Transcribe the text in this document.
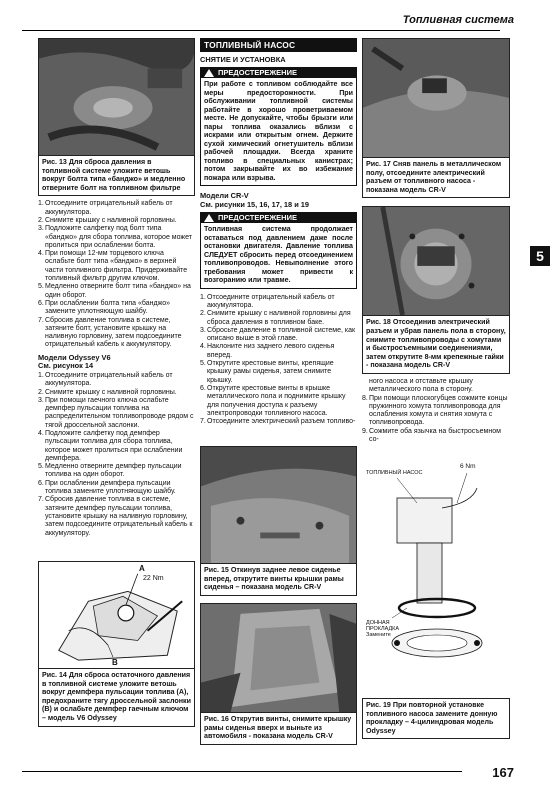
Топливная система
5
Рис. 13 Для сброса давления в топливной системе уложите ветошь вокруг болта типа «банджо» и медленно отверните болт на топливном фильтре
1. Отсоедините отрицательный кабель от аккумулятора.
2. Снимите крышку с наливной горловины.
3. Подложите салфетку под болт типа «банджо» для сбора топлива, которое может пролиться при ослаблении болта.
4. При помощи 12-мм торцевого ключа ослабьте болт типа «банджо» в верхней части топливного фильтра. Придерживайте топливный фильтр другим ключом.
5. Медленно отверните болт типа «банджо» на один оборот.
6. При ослаблении болта типа «банджо» замените уплотняющую шайбу.
7. Сбросив давление топлива в системе, затяните болт, установите крышку на наливную горловину, затем подсоедините отрицательный кабель к аккумулятору.
Модели Odyssey V6
См. рисунок 14
1. Отсоедините отрицательный кабель от аккумулятора.
2. Снимите крышку с наливной горловины.
3. При помощи гаечного ключа ослабьте демпфер пульсации топлива на распределительном топливопроводе рядом с тягой дроссельной заслонки.
4. Подложите салфетку под демпфер пульсации топлива для сбора топлива, которое может пролиться при ослаблении демпфера.
5. Медленно отверните демпфер пульсации топлива на один оборот.
6. При ослаблении демпфера пульсации топлива замените уплотняющую шайбу.
7. Сбросив давление топлива в системе, затяните демпфер пульсации топлива, установите крышку на наливную горловину, затем подсоедините отрицательный кабель к аккумулятору.
A
22 Nm
B
Рис. 14 Для сброса остаточного давления в топливной системе уложите ветошь вокруг демпфера пульсации топлива (А), предохраните тягу дроссельной заслонки (В) и ослабьте демпфер гаечным ключом – модель V6 Odyssey
ТОПЛИВНЫЙ НАСОС
СНЯТИЕ И УСТАНОВКА
ПРЕДОСТЕРЕЖЕНИЕ
При работе с топливом соблюдайте все меры предосторожности. При обслуживании топливной системы работайте в хорошо проветриваемом месте. Не допускайте, чтобы брызги или пары топлива оказались вблизи с искрами или открытым огнем. Держите сухой химический огнетушитель вблизи рабочей площадки. Всегда храните топливо в специальных канистрах; потом закрывайте их во избежание пожара или взрыва.
Модели CR-V
См. рисунки 15, 16, 17, 18 и 19
ПРЕДОСТЕРЕЖЕНИЕ
Топливная система продолжает оставаться под давлением даже после остановки двигателя. Давление топлива СЛЕДУЕТ сбросить перед отсоединением топливопроводов. Невыполнение этого требования может привести к возгоранию или травме.
1. Отсоедините отрицательный кабель от аккумулятора.
2. Снимите крышку с наливной горловины для сброса давления в топливном баке.
3. Сбросьте давление в топливной системе, как описано выше в этой главе.
4. Наклоните низ заднего левого сиденья вперед.
5. Открутите крестовые винты, крепящие крышку рамы сиденья, затем снимите крышку.
6. Открутите крестовые винты в крышке металлического пола и поднимите крышку для получения доступа к разъему электропроводки топливного насоса.
7. Отсоедините электрический разъем топливо-
Рис. 15 Откинув заднее левое сиденье вперед, открутите винты крышки рамы сиденья – показана модель CR-V
Рис. 16 Открутив винты, снимите крышку рамы сиденья вверх и выньте из автомобиля - показана модель CR-V
Рис. 17 Сняв панель в металлическом полу, отсоедините электрический разъем от топливного насоса - показана модель CR-V
Рис. 18 Отсоединив электрический разъем и убрав панель пола в сторону, снимите топливопроводы с хомутами и быстросъемными соединениями, затем открутите 8-мм крепежные гайки - показана модель CR-V
ного насоса и отставьте крышку металлического пола в сторону.
8. При помощи плоскогубцев сожмите концы пружинного хомута топливопровода для ослабления хомута и снятия хомута с топливопровода.
9. Сожмите оба язычка на быстросъемном со-
ТОПЛИВНЫЙ НАСОС
6 Nm
ДОННАЯ ПРОКЛАДКА Замените
Рис. 19 При повторной установке топливного насоса замените донную прокладку – 4-цилиндровая модель Odyssey
167
